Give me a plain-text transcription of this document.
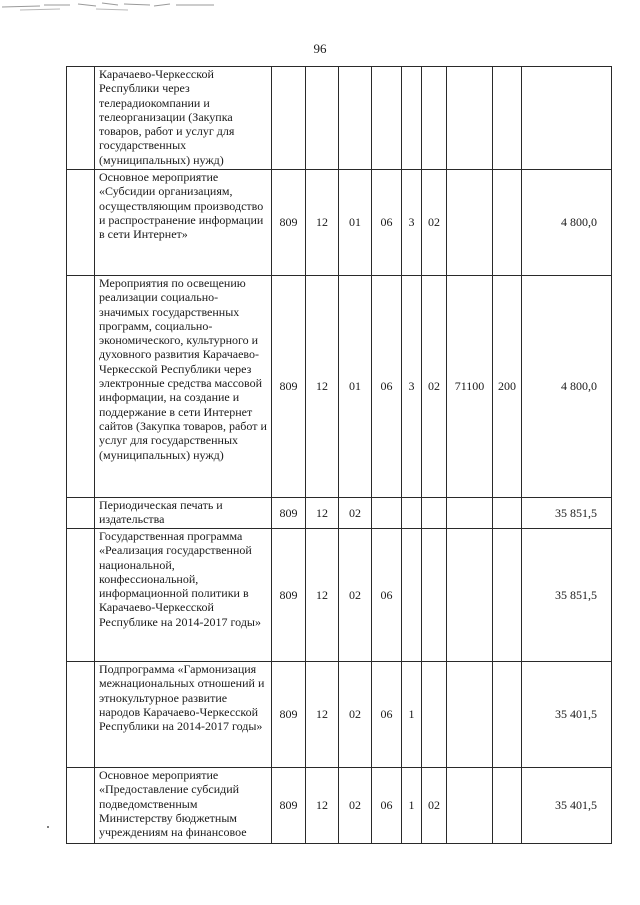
96
	Карачаево-Черкесской Республики через телерадиокомпании и телеорганизации (Закупка товаров, работ и услуг для государственных (муниципальных) нужд)									
	Основное мероприятие «Субсидии организациям, осуществляющим производство и распространение информации в сети Интернет»	809	12	01	06	3	02			4 800,0
	Мероприятия по освещению реализации социально-значимых государственных программ, социально-экономического, культурного и духовного развития Карачаево-Черкесской Республики через электронные средства массовой информации, на создание и поддержание в сети Интернет сайтов (Закупка товаров, работ и услуг для государственных (муниципальных) нужд)	809	12	01	06	3	02	71100	200	4 800,0
	Периодическая печать и издательства	809	12	02						35 851,5
	Государственная программа «Реализация государственной национальной, конфессиональной, информационной политики в Карачаево-Черкесской Республике на 2014-2017 годы»	809	12	02	06					35 851,5
	Подпрограмма «Гармонизация межнациональных отношений и этнокультурное развитие народов Карачаево-Черкесской Республики на 2014-2017 годы»	809	12	02	06	1				35 401,5
	Основное мероприятие «Предоставление субсидий подведомственным Министерству бюджетным учреждениям на финансовое	809	12	02	06	1	02			35 401,5
